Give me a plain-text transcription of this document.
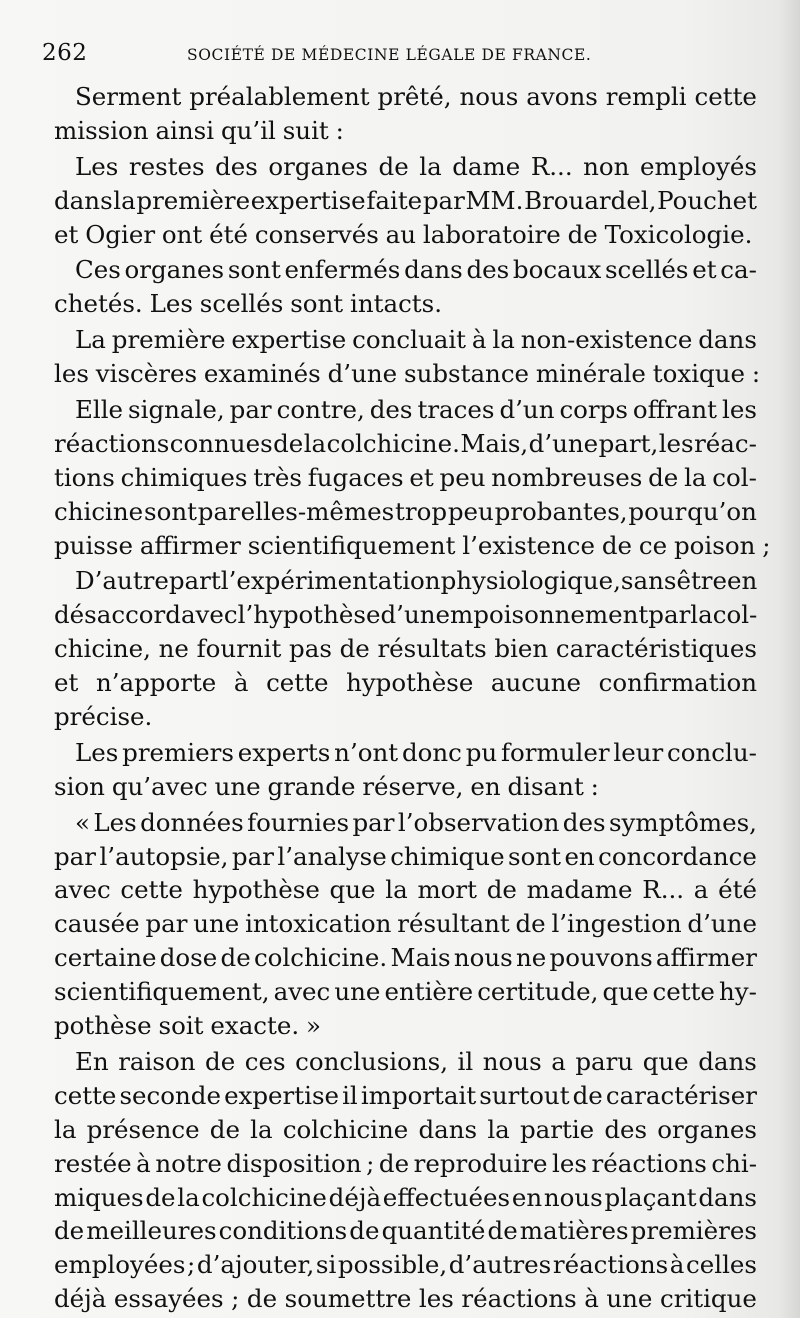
262	SOCIÉTÉ DE MÉDECINE LÉGALE DE FRANCE.
Serment préalablement prêté, nous avons rempli cette
mission ainsi qu’il suit :
Les restes des organes de la dame R... non employés
dans la première expertise faite par MM. Brouardel, Pouchet
et Ogier ont été conservés au laboratoire de Toxicologie.
Ces organes sont enfermés dans des bocaux scellés et ca-
chetés. Les scellés sont intacts.
La première expertise concluait à la non-existence dans
les viscères examinés d’une substance minérale toxique :
Elle signale, par contre, des traces d’un corps offrant les
réactions connues de la colchicine. Mais, d’une part, les réac-
tions chimiques très fugaces et peu nombreuses de la col-
chicine sont par elles-mêmes trop peu probantes, pour qu’on
puisse affirmer scientifiquement l’existence de ce poison ;
D’autre part l’expérimentation physiologique, sans être en
désaccord avec l’hypothèse d’un empoisonnement par la col-
chicine, ne fournit pas de résultats bien caractéristiques
et n’apporte à cette hypothèse aucune confirmation
précise.
Les premiers experts n’ont donc pu formuler leur conclu-
sion qu’avec une grande réserve, en disant :
« Les données fournies par l’observation des symptômes,
par l’autopsie, par l’analyse chimique sont en concordance
avec cette hypothèse que la mort de madame R... a été
causée par une intoxication résultant de l’ingestion d’une
certaine dose de colchicine. Mais nous ne pouvons affirmer
scientifiquement, avec une entière certitude, que cette hy-
pothèse soit exacte. »
En raison de ces conclusions, il nous a paru que dans
cette seconde expertise il importait surtout de caractériser
la présence de la colchicine dans la partie des organes
restée à notre disposition ; de reproduire les réactions chi-
miques de la colchicine déjà effectuées en nous plaçant dans
de meilleures conditions de quantité de matières premières
employées ; d’ajouter, si possible, d’autres réactions à celles
déjà essayées ; de soumettre les réactions à une critique
